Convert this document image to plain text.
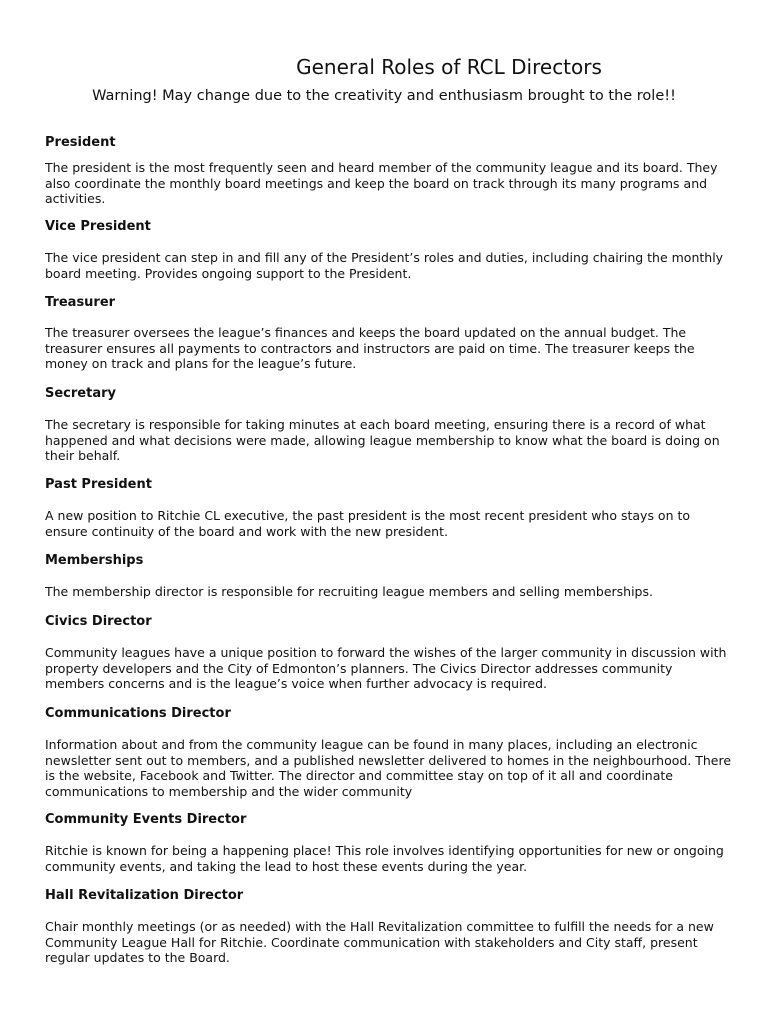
General Roles of RCL Directors

Warning! May change due to the creativity and enthusiasm brought to the role!!

President

The president is the most frequently seen and heard member of the community league and its board. They also coordinate the monthly board meetings and keep the board on track through its many programs and activities.

Vice President

The vice president can step in and fill any of the President’s roles and duties, including chairing the monthly board meeting. Provides ongoing support to the President.

Treasurer

The treasurer oversees the league’s finances and keeps the board updated on the annual budget. The treasurer ensures all payments to contractors and instructors are paid on time. The treasurer keeps the money on track and plans for the league’s future.

Secretary

The secretary is responsible for taking minutes at each board meeting, ensuring there is a record of what happened and what decisions were made, allowing league membership to know what the board is doing on their behalf.

Past President

A new position to Ritchie CL executive, the past president is the most recent president who stays on to ensure continuity of the board and work with the new president.

Memberships

The membership director is responsible for recruiting league members and selling memberships.

Civics Director

Community leagues have a unique position to forward the wishes of the larger community in discussion with property developers and the City of Edmonton’s planners. The Civics Director addresses community members concerns and is the league’s voice when further advocacy is required.

Communications Director

Information about and from the community league can be found in many places, including an electronic newsletter sent out to members, and a published newsletter delivered to homes in the neighbourhood. There is the website, Facebook and Twitter. The director and committee stay on top of it all and coordinate communications to membership and the wider community

Community Events Director

Ritchie is known for being a happening place! This role involves identifying opportunities for new or ongoing community events, and taking the lead to host these events during the year.

Hall Revitalization Director

Chair monthly meetings (or as needed) with the Hall Revitalization committee to fulfill the needs for a new Community League Hall for Ritchie. Coordinate communication with stakeholders and City staff, present regular updates to the Board.
